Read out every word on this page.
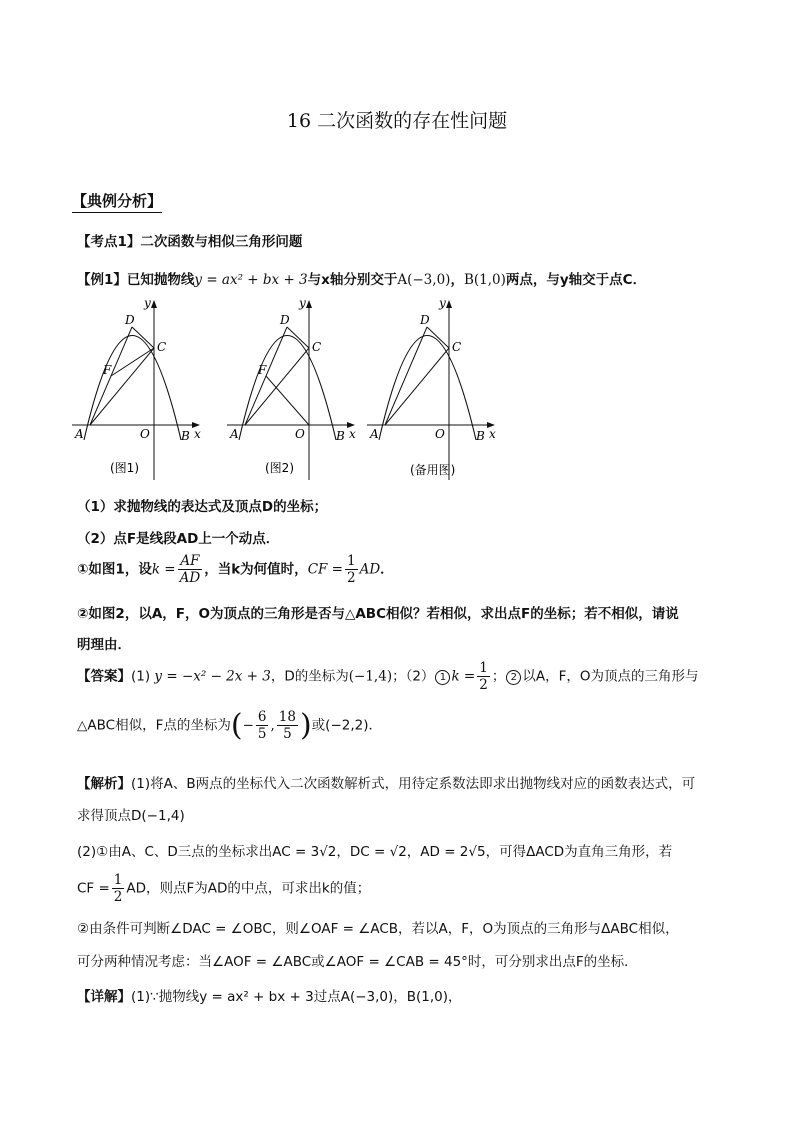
16 二次函数的存在性问题
【典例分析】
【考点1】二次函数与相似三角形问题
【例1】已知抛物线y = ax² + bx + 3与x轴分别交于A(−3,0)，B(1,0)两点，与y轴交于点C．
y
x
A	O	B
C
D
F
(图1)
y
x
A	O	B
C
D
F
(图2)
y
x
A	O	B
C
D
(备用图)
（1）求抛物线的表达式及顶点D的坐标；
（2）点F是线段AD上一个动点．
①如图1，设$k = \frac{AF}{AD}$ ，当k为何值时，CF = $\frac{1}{2}$ AD．
②如图2，以A，F，O为顶点的三角形是否与△ABC相似？若相似，求出点F的坐标；若不相似，请说
明理由．
【答案】(1) y = −x² − 2x + 3，D的坐标为(−1,4)；（2） 1 $k = \frac{1}{2}$ ； 2 以A，F，O为顶点的三角形与
△ABC相似，F点的坐标为(− $\frac{6}{5}$ , $\frac{18}{5}$ )或(−2,2)．
【解析】(1)将A、B两点的坐标代入二次函数解析式，用待定系数法即求出抛物线对应的函数表达式，可
求得顶点D(−1,4)
(2)①由A、C、D三点的坐标求出AC = 3√2，DC = √2，AD = 2√5，可得ΔACD为直角三角形，若
CF = $\frac{1}{2}$ AD，则点F为AD的中点，可求出k的值；
②由条件可判断∠DAC = ∠OBC，则∠OAF = ∠ACB，若以A，F，O为顶点的三角形与ΔABC相似，
可分两种情况考虑：当∠AOF = ∠ABC或∠AOF = ∠CAB = 45°时，可分别求出点F的坐标．
【详解】(1)∵抛物线y = ax² + bx + 3过点A(−3,0)，B(1,0)，
